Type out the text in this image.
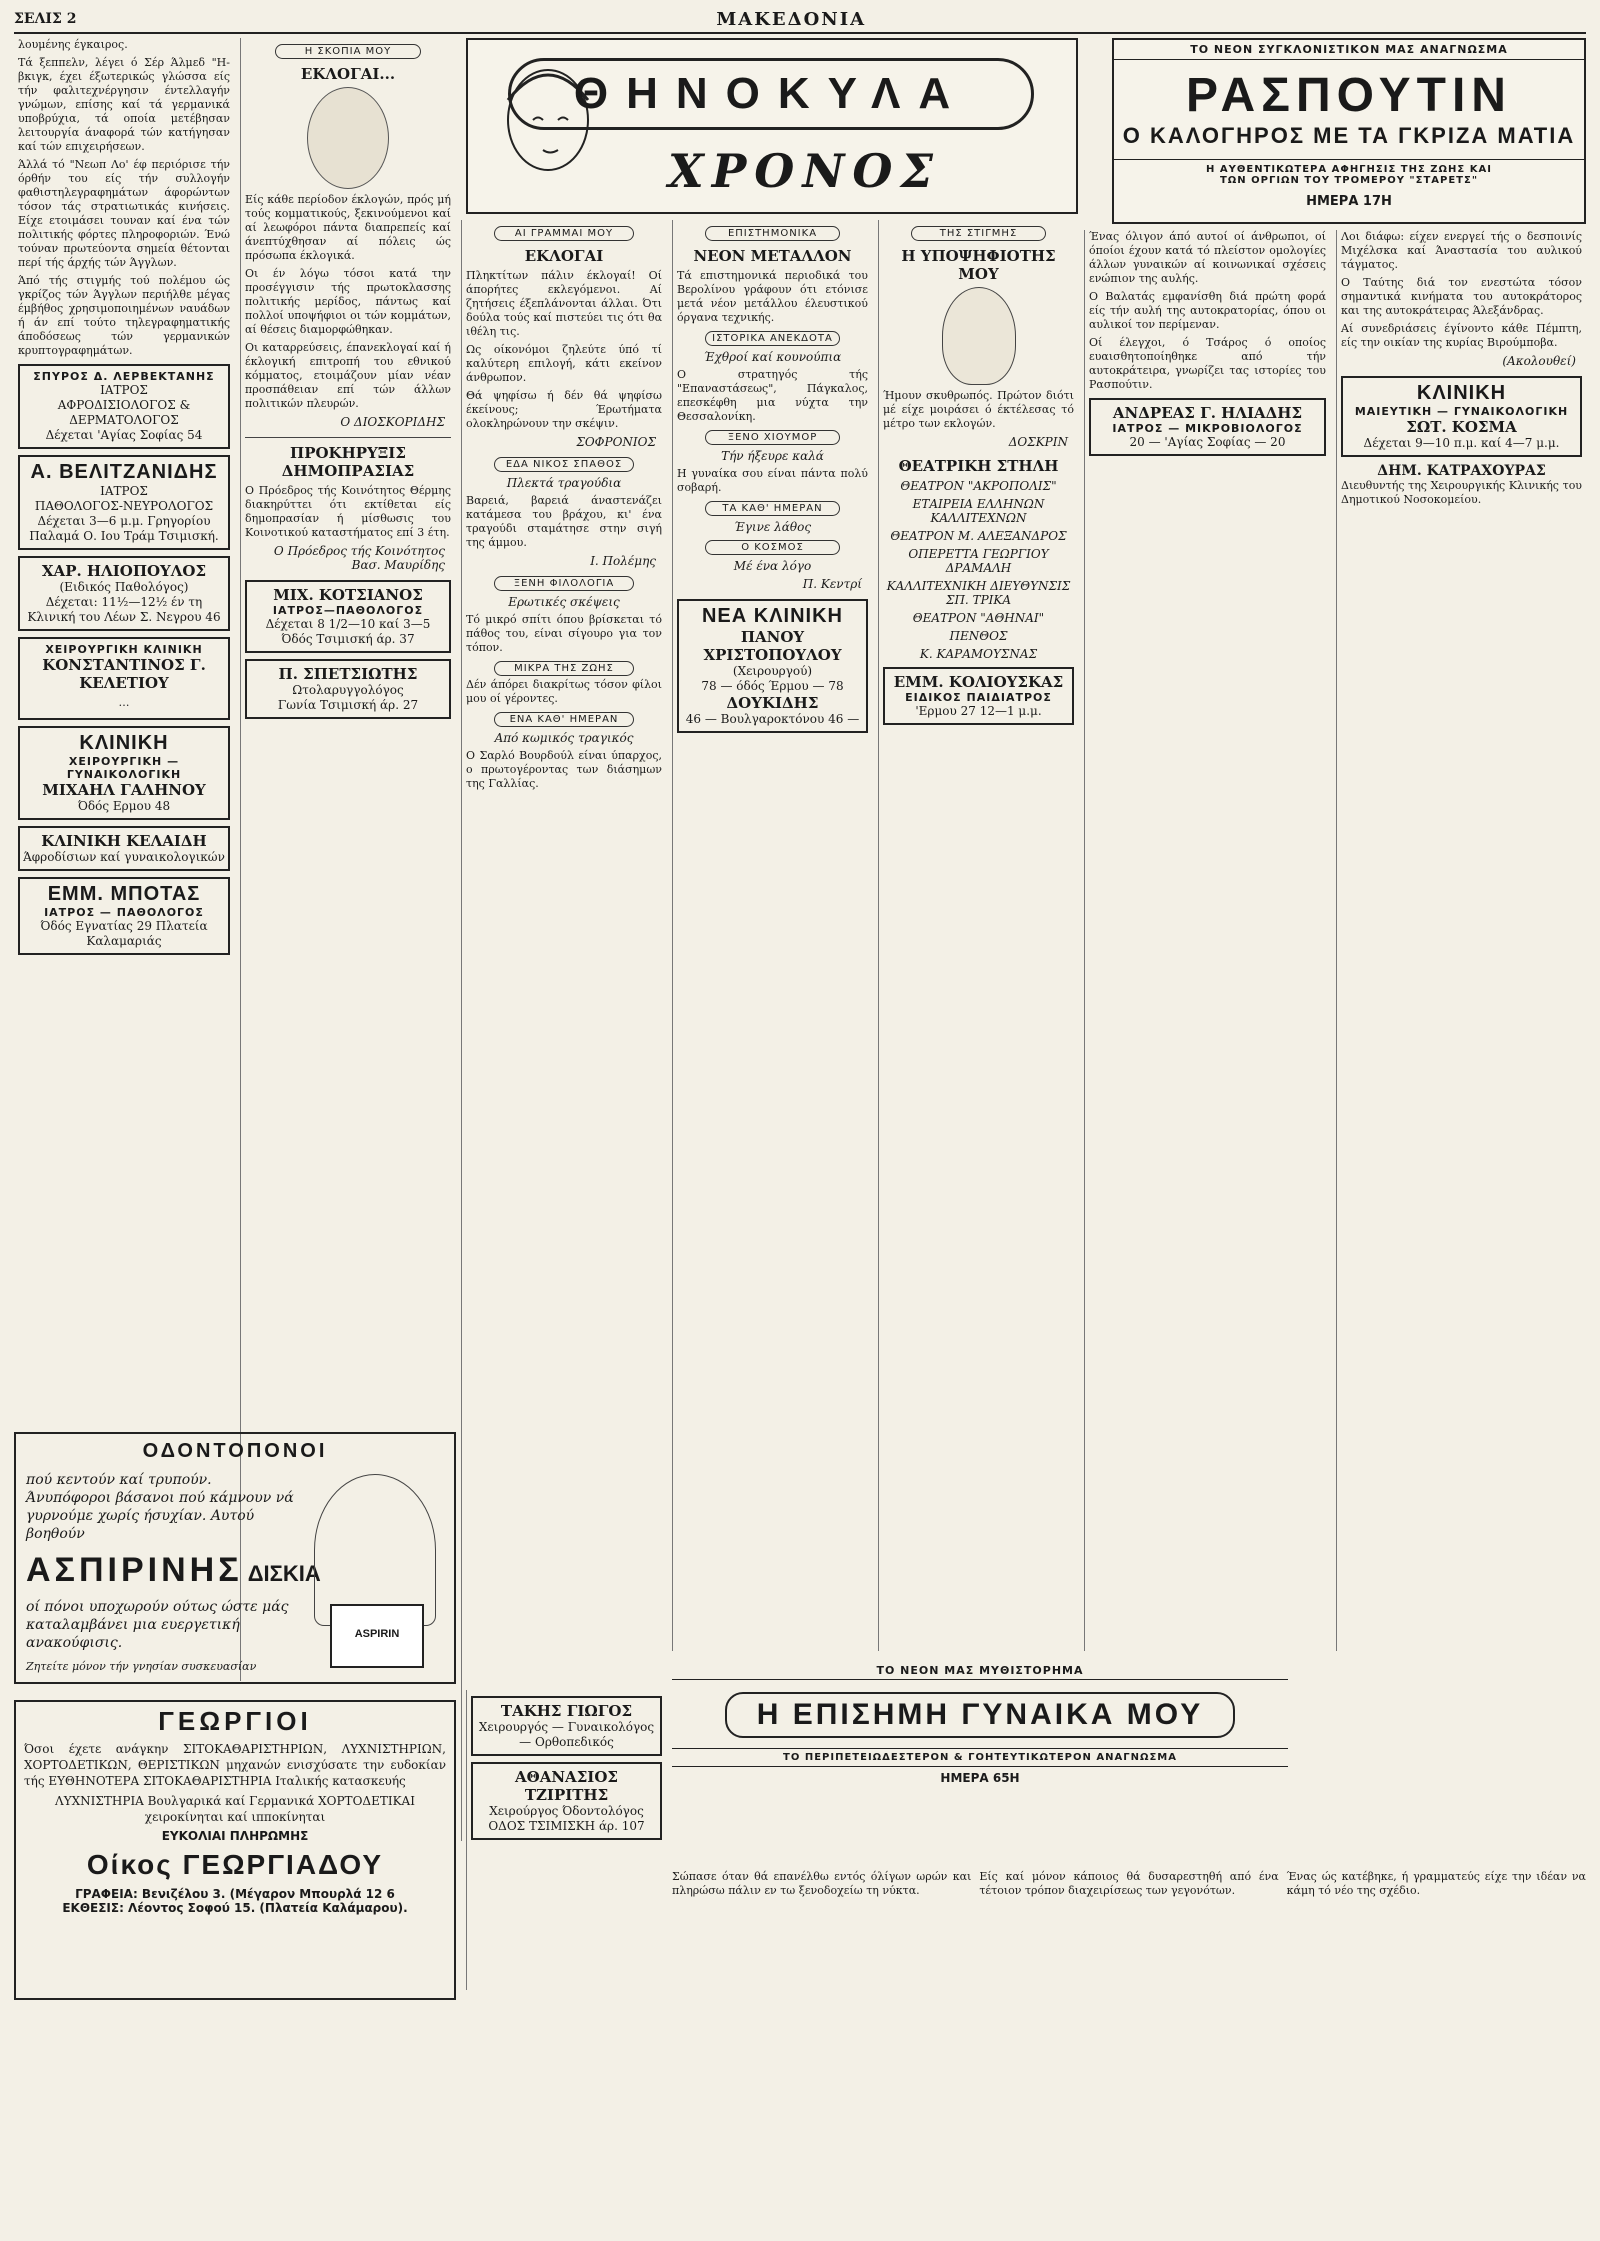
ΣΕΛΙΣ 2	ΜΑΚΕΔΟΝΙΑ

λουμένης έγκαιρος.

Τά ξεππελν, λέγει ό Σέρ Άλμεδ "Η-βκιγκ, έχει έξωτερικώς γλώσσα είς τήν φαλιτεχνέργησιν έντελλαγήν γνώμων, επίσης καί τά γερμανικά υποβρύχια, τά οποία μετέβησαν λειτουργία άναφορά τών κατήγησαν καί τών επιχειρήσεων.

Άλλά τό "Νεωπ Λο' έφ περιόρισε τήν όρθήν του είς τήν συλλογήν φαθιστηλεγραφημάτων άφορώντων τόσον τάς στρατιωτικάς κινήσεις. Είχε ετοιμάσει τουναν καί ένα τών πολιτικής φόρτες πληροφοριών. Ένώ τούναν πρωτεύοντα σημεία θέτονται περί τής άρχής τών Άγγλων.

Άπό τής στιγμής τού πολέμου ώς γκρίζος τών Άγγλων περιήλθε μέγας έμβήθος χρησιμοποιημένων ναυάδων ή άν επί τούτο τηλεγραφηματικής άποδόσεως τών γερμανικών κρυπτογραφημάτων.

ΣΠΥΡΟΣ Δ. ΛΕΡΒΕΚΤΑΝΗΣ
ΙΑΤΡΟΣ
ΑΦΡΟΔΙΣΙΟΛΟΓΟΣ & ΔΕΡΜΑΤΟΛΟΓΟΣ
Δέχεται 'Αγίας Σοφίας 54
Α. ΒΕΛΙΤΖΑΝΙΔΗΣ
ΙΑΤΡΟΣ
ΠΑΘΟΛΟΓΟΣ-ΝΕΥΡΟΛΟΓΟΣ
Δέχεται 3—6 μ.μ. Γρηγορίου Παλαμά Ο. Ιου Τράμ Τσιμισκή.
ΧΑΡ. ΗΛΙΟΠΟΥΛΟΣ
(Ειδικός Παθολόγος)
Δέχεται: 11½—12½ έν τη Κλινική του Λέων Σ. Νεγρου 46
ΧΕΙΡΟΥΡΓΙΚΗ ΚΛΙΝΙΚΗ
ΚΟΝΣΤΑΝΤΙΝΟΣ Γ. ΚΕΛΕΤΙΟΥ

…

ΚΛΙΝΙΚΗ
ΧΕΙΡΟΥΡΓΙΚΗ — ΓΥΝΑΙΚΟΛΟΓΙΚΗ
ΜΙΧΑΗΛ ΓΑΛΗΝΟΥ
Όδός Ερμου 48
ΚΛΙΝΙΚΗ ΚΕΛΑΙΔΗ
Άφροδίσιων καί γυναικολογικών
ΕΜΜ. ΜΠΟΤΑΣ
ΙΑΤΡΟΣ — ΠΑΘΟΛΟΓΟΣ
Όδός Εγνατίας 29 Πλατεία Καλαμαριάς
Η ΣΚΟΠΙΑ ΜΟΥ
ΕΚΛΟΓΑΙ...

Είς κάθε περίοδον έκλογών, πρός μή τούς κομματικούς, ξεκινούμενοι καί αί λεωφόροι πάντα διαπρεπείς καί άνεπτύχθησαν αί πόλεις ώς πρόσωπα έκλογικά.

Οι έν λόγω τόσοι κατά την προσέγγισιν τής πρωτοκλασσης πολιτικής μερίδος, πάντως καί πολλοί υποψήφιοι οι τών κομμάτων, αί θέσεις διαμορφώθηκαν.

Οι καταρρεύσεις, έπανεκλογαί καί ή έκλογική επιτροπή του εθνικού κόμματος, ετοιμάζουν μίαν νέαν προσπάθειαν επί τών άλλων πολιτικών πλευρών.

Ο ΔΙΟΣΚΟΡΙΔΗΣ
ΠΡΟΚΗΡΥΞΙΣ ΔΗΜΟΠΡΑΣΙΑΣ

Ο Πρόεδρος τής Κοινότητος Θέρμης διακηρύττει ότι εκτίθεται είς δημοπρασίαν ή μίσθωσις του Κοινοτικού καταστήματος επί 3 έτη.

Ο Πρόεδρος τής Κοινότητος Βασ. Μαυρίδης
ΜΙΧ. ΚΟΤΣΙΑΝΟΣ
ΙΑΤΡΟΣ—ΠΑΘΟΛΟΓΟΣ
Δέχεται 8 1/2—10 καί 3—5 Όδός Τσιμισκή άρ. 37
Π. ΣΠΕΤΣΙΩΤΗΣ
Ωτολαρυγγολόγος
Γωνία Τσιμισκή άρ. 27
ΘΗΝΟΚΥΛΑ
ΧΡΟΝΟΣ
ΑΙ ΓΡΑΜΜΑΙ ΜΟΥ
ΕΚΛΟΓΑΙ

Πληκτίτων πάλιν έκλογαί! Οί άπορήτες εκλεγόμενοι. Αί ζητήσεις έξεπλάνονται άλλαι. Ότι δούλα τούς καί πιστεύει τις ότι θα ιθέλη τις.

Ως οίκονόμοι ζηλεύτε ύπό τί καλύτερη επιλογή, κάτι εκείνον άνθρωπον.

Θά ψηφίσω ή δέν θά ψηφίσω έκείνους; Έρωτήματα ολοκληρώνουν την σκέψιν.

ΣΟΦΡΟΝΙΟΣ
ΕΔΑ ΝΙΚΟΣ ΣΠΑΘΟΣ
Πλεκτά τραγούδια

Βαρειά, βαρειά άναστενάζει κατάμεσα του βράχου, κι' ένα τραγούδι σταμάτησε στην σιγή της άμμου.

Ι. Πολέμης
ΞΕΝΗ ΦΙΛΟΛΟΓΙΑ
Ερωτικές σκέψεις

Τό μικρό σπίτι όπου βρίσκεται τό πάθος του, είναι σίγουρο για τον τόπον.

ΜΙΚΡΑ ΤΗΣ ΖΩΗΣ

Δέν άπόρει διακρίτως τόσον φίλοι μου οί γέροντες.

ΕΝΑ ΚΑΘ' ΗΜΕΡΑΝ
Από κωμικός τραγικός

Ο Σαρλό Βουρδούλ είναι ύπαρχος, ο πρωτογέροντας των διάσημων της Γαλλίας.

ΕΠΙΣΤΗΜΟΝΙΚΑ
ΝΕΟΝ ΜΕΤΑΛΛΟΝ

Τά επιστημονικά περιοδικά του Βερολίνου γράφουν ότι ετόνισε μετά νέον μετάλλου έλευστικού όργανα τεχνικής.

ΙΣΤΟΡΙΚΑ ΑΝΕΚΔΟΤΑ
Έχθροί καί κουνούπια

Ο στρατηγός τής "Επαναστάσεως", Πάγκαλος, επεσκέφθη μια νύχτα την Θεσσαλονίκη.

ΞΕΝΟ ΧΙΟΥΜΟΡ
Τήν ήξευρε καλά

Η γυναίκα σου είναι πάντα πολύ σοβαρή.

ΤΑ ΚΑΘ' ΗΜΕΡΑΝ
Έγινε λάθος
Ο ΚΟΣΜΟΣ
Μέ ένα λόγο
Π. Κεντρί
ΝΕΑ ΚΛΙΝΙΚΗ
ΠΑΝΟΥ ΧΡΙΣΤΟΠΟΥΛΟΥ
(Χειρουργού)
78 — όδός Έρμου — 78
ΔΟΥΚΙΔΗΣ
46 — Βουλγαροκτόνου 46 —
ΤΗΣ ΣΤΙΓΜΗΣ
Η ΥΠΟΨΗΦΙΟΤΗΣ ΜΟΥ

Ήμουν σκυθρωπός. Πρώτον διότι μέ είχε μοιράσει ό έκτέλεσας τό μέτρο των εκλογών.

ΔΟΣΚΡΙΝ
ΘΕΑΤΡΙΚΗ ΣΤΗΛΗ
ΘΕΑΤΡΟΝ "ΑΚΡΟΠΟΛΙΣ"
ΕΤΑΙΡΕΙΑ ΕΛΛΗΝΩΝ ΚΑΛΛΙΤΕΧΝΩΝ
ΘΕΑΤΡΟΝ Μ. ΑΛΕΞΑΝΔΡΟΣ
ΟΠΕΡΕΤΤΑ ΓΕΩΡΓΙΟΥ ΔΡΑΜΑΛΗ
ΚΑΛΛΙΤΕΧΝΙΚΗ ΔΙΕΥΘΥΝΣΙΣ ΣΠ. ΤΡΙΚΑ
ΘΕΑΤΡΟΝ "ΑΘΗΝΑΙ"
ΠΕΝΘΟΣ
Κ. ΚΑΡΑΜΟΥΣΝΑΣ
ΕΜΜ. ΚΟΛΙΟΥΣΚΑΣ
ΕΙΔΙΚΟΣ ΠΑΙΔΙΑΤΡΟΣ
'Ερμου 27 12—1 μ.μ.
ΤΟ ΝΕΟΝ ΣΥΓΚΛΟΝΙΣΤΙΚΟΝ ΜΑΣ ΑΝΑΓΝΩΣΜΑ
ΡΑΣΠΟΥΤΙΝ
Ο ΚΑΛΟΓΗΡΟΣ ΜΕ ΤΑ ΓΚΡΙΖΑ ΜΑΤΙΑ
Η ΑΥΘΕΝΤΙΚΩΤΕΡΑ ΑΦΗΓΗΣΙΣ ΤΗΣ ΖΩΗΣ ΚΑΙ
ΤΩΝ ΟΡΓΙΩΝ ΤΟΥ ΤΡΟΜΕΡΟΥ "ΣΤΑΡΕΤΣ"
ΗΜΕΡΑ 17Η

Ένας όλιγον άπό αυτοί οί άνθρωποι, οί όποίοι έχουν κατά τό πλείστον ομολογίες άλλων γυναικών αί κοινωνικαί σχέσεις ενώπιον της αυλής.

Ο Βαλατάς εμφανίσθη διά πρώτη φορά είς τήν αυλή της αυτοκρατορίας, όπου οι αυλικοί τον περίμεναν.

Οί έλεγχοι, ό Τσάρος ό οποίος ευαισθητοποίηθηκε από τήν αυτοκράτειρα, γνωρίζει τας ιστορίες του Ρασπούτιν.

ΑΝΔΡΕΑΣ Γ. ΗΛΙΑΔΗΣ
ΙΑΤΡΟΣ — ΜΙΚΡΟΒΙΟΛΟΓΟΣ
20 — 'Αγίας Σοφίας — 20

Λοι διάφω: είχεν ενεργεί τής ο δεσποινίς Μιχέλσκα καί Άναστασία του αυλικού τάγματος.

Ο Ταύτης διά τον ενεστώτα τόσον σημαντικά κινήματα του αυτοκράτορος και της αυτοκράτειρας Άλεξάνδρας.

Αί συνεδριάσεις έγίνοντο κάθε Πέμπτη, είς την οικίαν της κυρίας Βιρούμποβα.

(Ακολουθεί)
ΚΛΙΝΙΚΗ
ΜΑΙΕΥΤΙΚΗ — ΓΥΝΑΙΚΟΛΟΓΙΚΗ
ΣΩΤ. ΚΟΣΜΑ
Δέχεται 9—10 π.μ. καί 4—7 μ.μ.
ΔΗΜ. ΚΑΤΡΑΧΟΥΡΑΣ

Διευθυντής της Χειρουργικής Κλινικής του Δημοτικού Νοσοκομείου.

ΟΔΟΝΤΟΠΟΝΟΙ
πού κεντούν καί τρυπούν. Άνυπόφοροι βάσανοι πού κάμνουν νά γυρνούμε χωρίς ήσυχίαν. Αυτού βοηθούν
ΑΣΠΙΡΙΝΗΣ ΔΙΣΚΙΑ
οί πόνοι υποχωρούν ούτως ώστε μάς καταλαμβάνει μια ευεργετική ανακούφισις.
Ζητείτε μόνον τήν γνησίαν συσκευασίαν
ASPIRIN
ΓΕΩΡΓΙΟΙ
Όσοι έχετε ανάγκην ΣΙΤΟΚΑΘΑΡΙΣΤΗΡΙΩΝ, ΛΥΧΝΙΣΤΗΡΙΩΝ, ΧΟΡΤΟΔΕΤΙΚΩΝ, ΘΕΡΙΣΤΙΚΩΝ μηχανών ενισχύσατε την ευδοκίαν τής ΕΥΘΗΝΟΤΕΡΑ ΣΙΤΟΚΑΘΑΡΙΣΤΗΡΙΑ Ιταλικής κατασκευής
ΛΥΧΝΙΣΤΗΡΙΑ Βουλγαρικά καί Γερμανικά ΧΟΡΤΟΔΕΤΙΚΑΙ χειροκίνηται καί ιπποκίνηται
ΕΥΚΟΛΙΑΙ ΠΛΗΡΩΜΗΣ
Οίκος ΓΕΩΡΓΙΑΔΟΥ
ΓΡΑΦΕΙΑ: Βενιζέλου 3. (Μέγαρον Μπουρλά 12 6
ΕΚΘΕΣΙΣ: Λέοντος Σοφού 15. (Πλατεία Καλάμαρου).
ΤΑΚΗΣ ΓΙΩΓΟΣ
Χειρουργός — Γυναικολόγος — Ορθοπεδικός
ΑΘΑΝΑΣΙΟΣ ΤΖΙΡΙΤΗΣ
Χειρούργος Όδοντολόγος
ΟΔΟΣ ΤΣΙΜΙΣΚΗ άρ. 107
ΤΟ ΝΕΟΝ ΜΑΣ ΜΥΘΙΣΤΟΡΗΜΑ
Η ΕΠΙΣΗΜΗ ΓΥΝΑΙΚΑ ΜΟΥ
ΤΟ ΠΕΡΙΠΕΤΕΙΩΔΕΣΤΕΡΟΝ & ΓΟΗΤΕΥΤΙΚΩΤΕΡΟΝ ΑΝΑΓΝΩΣΜΑ
ΗΜΕΡΑ 65Η

Σώπασε όταν θά επανέλθω εντός όλίγων ωρών και πληρώσω πάλιν εν τω ξενοδοχείω τη νύκτα.

Είς καί μόνον κάποιος θά δυσαρεστηθή από ένα τέτοιον τρόπον διαχειρίσεως των γεγονότων.

Ένας ώς κατέβηκε, ή γραμματεύς είχε την ιδέαν να κάμη τό νέο της σχέδιο.
